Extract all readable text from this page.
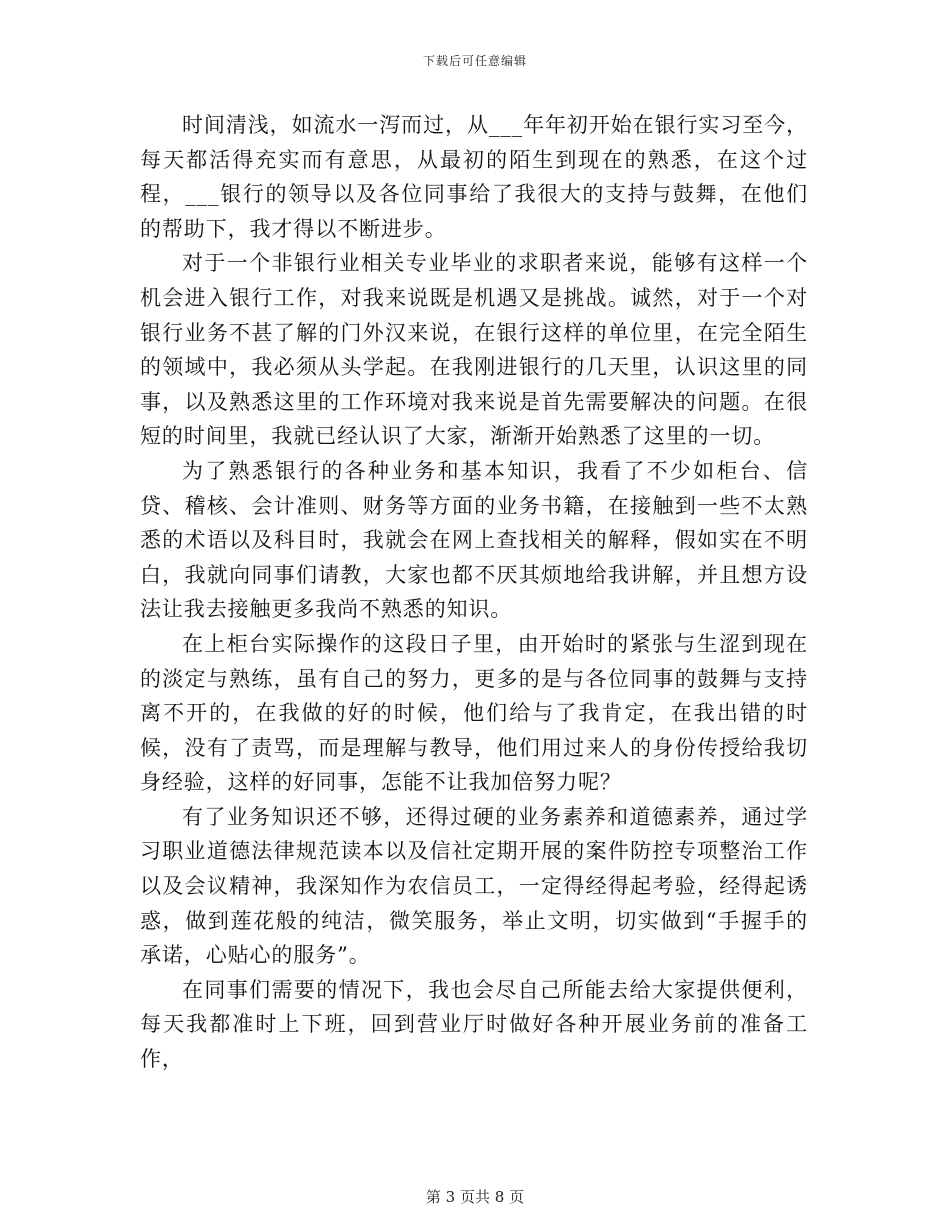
下载后可任意编辑

时间清浅，如流水一泻而过，从___年年初开始在银行实习至今，每天都活得充实而有意思，从最初的陌生到现在的熟悉，在这个过程，___银行的领导以及各位同事给了我很大的支持与鼓舞，在他们的帮助下，我才得以不断进步。

对于一个非银行业相关专业毕业的求职者来说，能够有这样一个机会进入银行工作，对我来说既是机遇又是挑战。诚然，对于一个对银行业务不甚了解的门外汉来说，在银行这样的单位里，在完全陌生的领域中，我必须从头学起。在我刚进银行的几天里，认识这里的同事，以及熟悉这里的工作环境对我来说是首先需要解决的问题。在很短的时间里，我就已经认识了大家，渐渐开始熟悉了这里的一切。

为了熟悉银行的各种业务和基本知识，我看了不少如柜台、信贷、稽核、会计准则、财务等方面的业务书籍，在接触到一些不太熟悉的术语以及科目时，我就会在网上查找相关的解释，假如实在不明白，我就向同事们请教，大家也都不厌其烦地给我讲解，并且想方设法让我去接触更多我尚不熟悉的知识。

在上柜台实际操作的这段日子里，由开始时的紧张与生涩到现在的淡定与熟练，虽有自己的努力，更多的是与各位同事的鼓舞与支持离不开的，在我做的好的时候，他们给与了我肯定，在我出错的时候，没有了责骂，而是理解与教导，他们用过来人的身份传授给我切身经验，这样的好同事，怎能不让我加倍努力呢？

有了业务知识还不够，还得过硬的业务素养和道德素养，通过学习职业道德法律规范读本以及信社定期开展的案件防控专项整治工作以及会议精神，我深知作为农信员工，一定得经得起考验，经得起诱惑，做到莲花般的纯洁，微笑服务，举止文明，切实做到“手握手的承诺，心贴心的服务”。

在同事们需要的情况下，我也会尽自己所能去给大家提供便利，每天我都准时上下班，回到营业厅时做好各种开展业务前的准备工作，

第 3 页共 8 页
